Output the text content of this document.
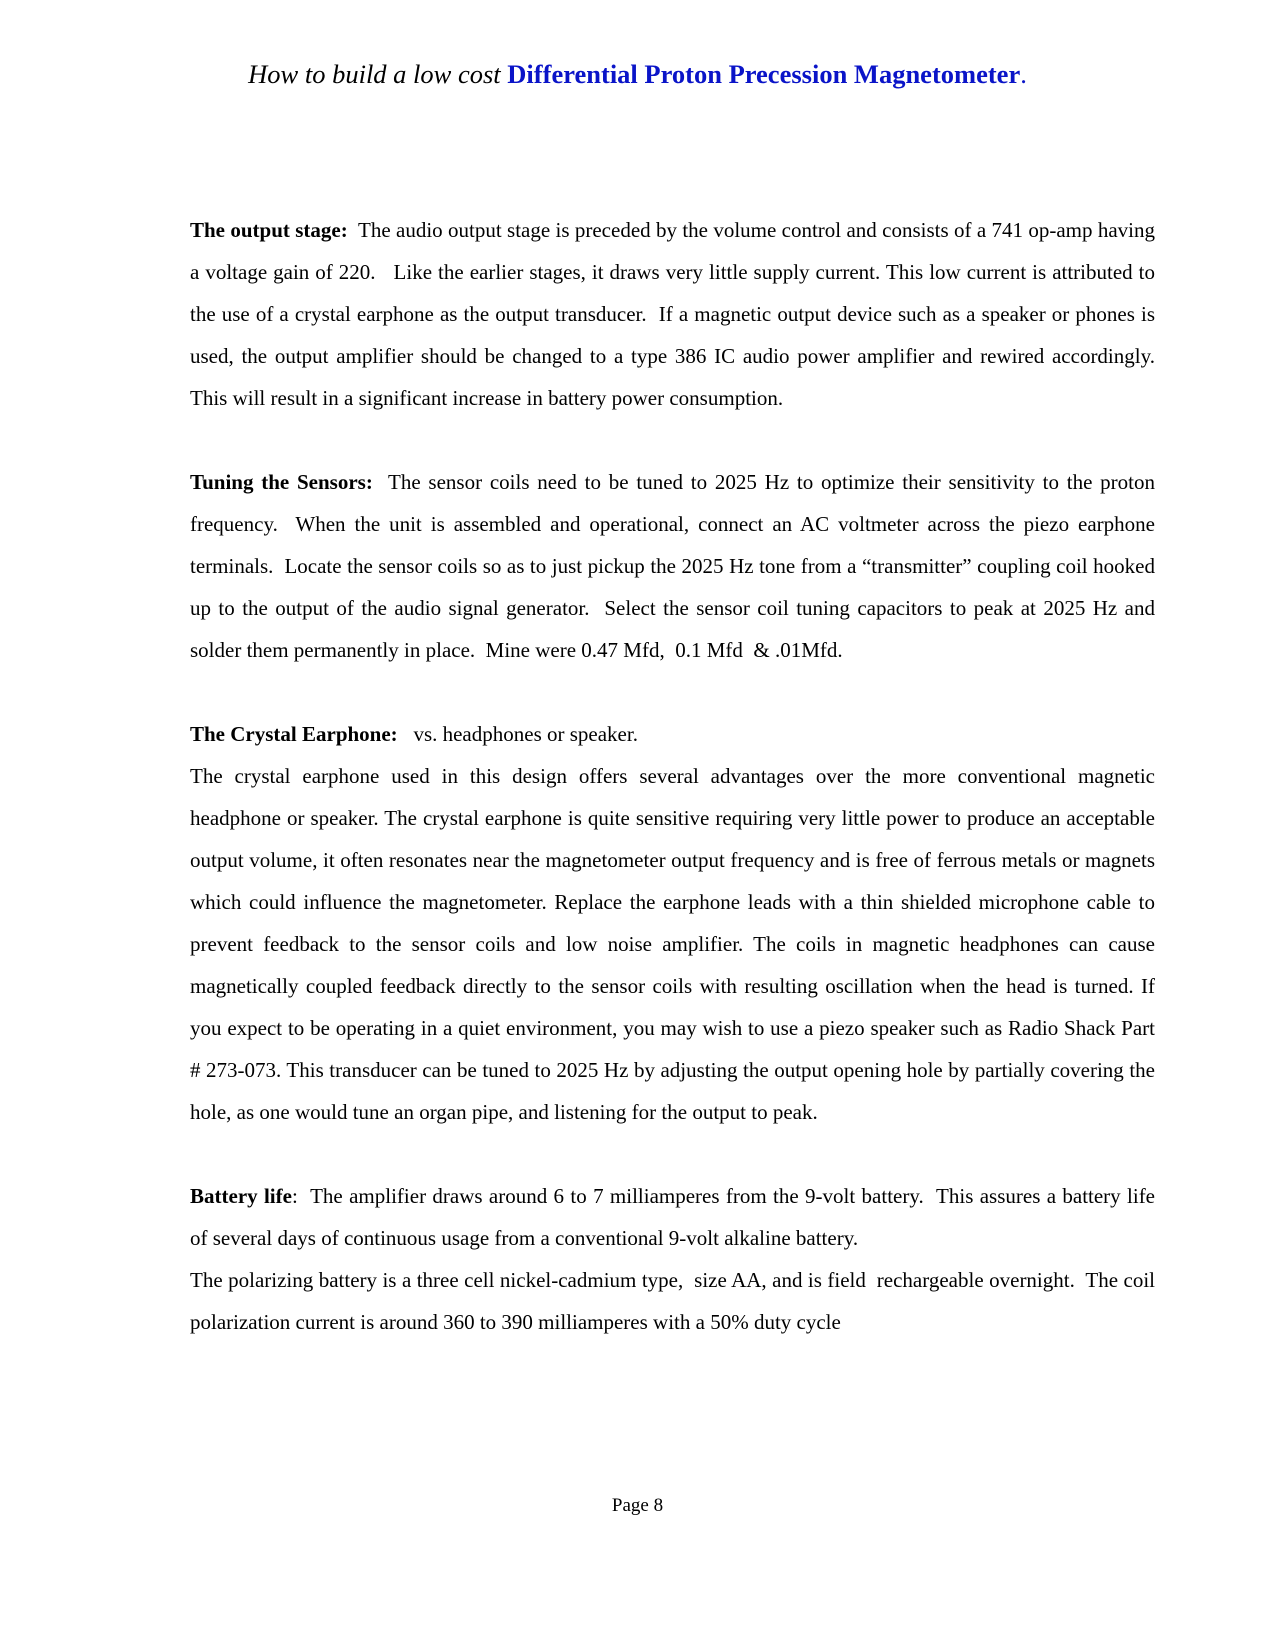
How to build a low cost Differential Proton Precession Magnetometer.

The output stage:  The audio output stage is preceded by the volume control and consists of a 741 op-amp having a voltage gain of 220.   Like the earlier stages, it draws very little supply current. This low current is attributed to the use of a crystal earphone as the output transducer.  If a magnetic output device such as a speaker or phones is used, the output amplifier should be changed to a type 386 IC audio power amplifier and rewired accordingly.  This will result in a significant increase in battery power consumption.

Tuning the Sensors:  The sensor coils need to be tuned to 2025 Hz to optimize their sensitivity to the proton frequency.  When the unit is assembled and operational, connect an AC voltmeter across the piezo earphone terminals.  Locate the sensor coils so as to just pickup the 2025 Hz tone from a “transmitter” coupling coil hooked up to the output of the audio signal generator.  Select the sensor coil tuning capacitors to peak at 2025 Hz and solder them permanently in place.  Mine were 0.47 Mfd,  0.1 Mfd  & .01Mfd.

The Crystal Earphone:   vs. headphones or speaker.

The crystal earphone used in this design offers several advantages over the more conventional magnetic headphone or speaker. The crystal earphone is quite sensitive requiring very little power to produce an acceptable output volume, it often resonates near the magnetometer output frequency and is free of ferrous metals or magnets which could influence the magnetometer. Replace the earphone leads with a thin shielded microphone cable to prevent feedback to the sensor coils and low noise amplifier. The coils in magnetic headphones can cause magnetically coupled feedback directly to the sensor coils with resulting oscillation when the head is turned. If you expect to be operating in a quiet environment, you may wish to use a piezo speaker such as Radio Shack Part # 273-073. This transducer can be tuned to 2025 Hz by adjusting the output opening hole by partially covering the hole, as one would tune an organ pipe, and listening for the output to peak.

Battery life:  The amplifier draws around 6 to 7 milliamperes from the 9-volt battery.  This assures a battery life of several days of continuous usage from a conventional 9-volt alkaline battery.

The polarizing battery is a three cell nickel-cadmium type,  size AA, and is field  rechargeable overnight.  The coil polarization current is around 360 to 390 milliamperes with a 50% duty cycle

Page 8
